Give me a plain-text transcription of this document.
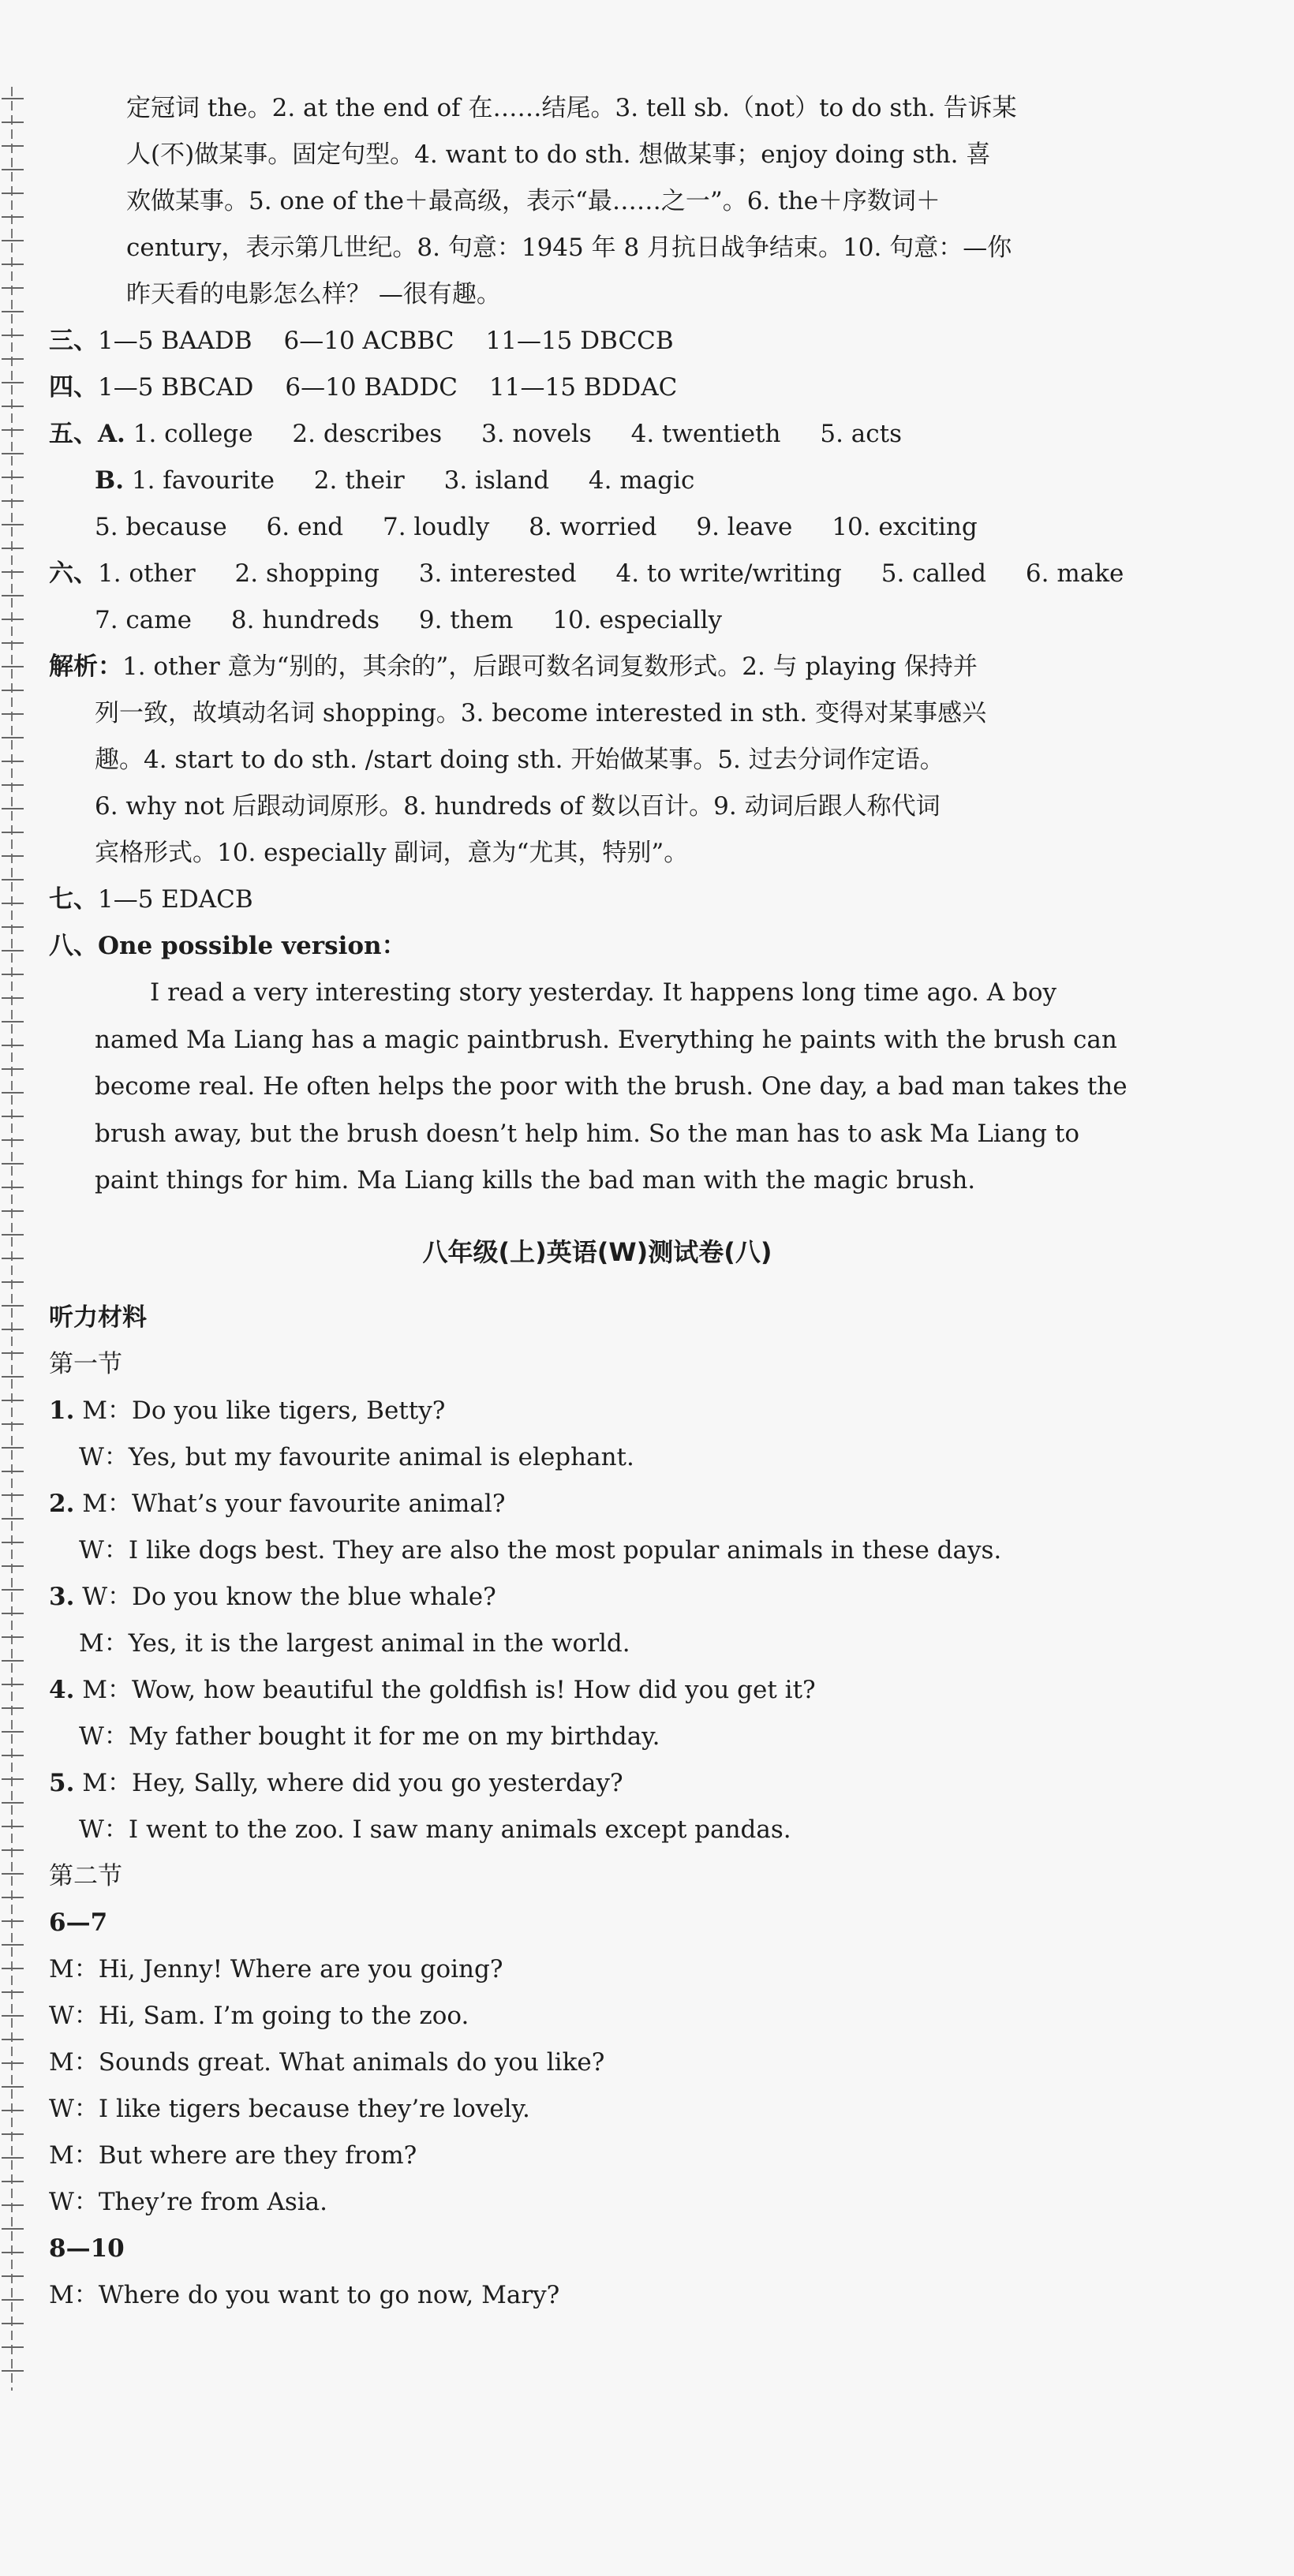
定冠词 the。2. at the end of 在……结尾。3. tell sb.（not）to do sth. 告诉某
人(不)做某事。固定句型。4. want to do sth. 想做某事；enjoy doing sth. 喜
欢做某事。5. one of the＋最高级，表示“最……之一”。6. the＋序数词＋
century，表示第几世纪。8. 句意：1945 年 8 月抗日战争结束。10. 句意：—你
昨天看的电影怎么样？ —很有趣。
三、1—5 BAADB 6—10 ACBBC 11—15 DBCCB
四、1—5 BBCAD 6—10 BADDC 11—15 BDDAC
五、A. 1. college 2. describes 3. novels 4. twentieth 5. acts
B. 1. favourite 2. their 3. island 4. magic
5. because 6. end 7. loudly 8. worried 9. leave 10. exciting
六、1. other 2. shopping 3. interested 4. to write/writing 5. called 6. make
7. came 8. hundreds 9. them 10. especially
解析：1. other 意为“别的，其余的”，后跟可数名词复数形式。2. 与 playing 保持并
列一致，故填动名词 shopping。3. become interested in sth. 变得对某事感兴
趣。4. start to do sth. /start doing sth. 开始做某事。5. 过去分词作定语。
6. why not 后跟动词原形。8. hundreds of 数以百计。9. 动词后跟人称代词
宾格形式。10. especially 副词，意为“尤其，特别”。
七、1—5 EDACB
八、One possible version：
I read a very interesting story yesterday. It happens long time ago. A boy named Ma Liang has a magic paintbrush. Everything he paints with the brush can become real. He often helps the poor with the brush. One day, a bad man takes the brush away, but the brush doesn’t help him. So the man has to ask Ma Liang to paint things for him. Ma Liang kills the bad man with the magic brush.
八年级(上)英语(W)测试卷(八)
听力材料
第一节
1. M：Do you like tigers, Betty?
W：Yes, but my favourite animal is elephant.
2. M：What’s your favourite animal?
W：I like dogs best. They are also the most popular animals in these days.
3. W：Do you know the blue whale?
M：Yes, it is the largest animal in the world.
4. M：Wow, how beautiful the goldfish is! How did you get it?
W：My father bought it for me on my birthday.
5. M：Hey, Sally, where did you go yesterday?
W：I went to the zoo. I saw many animals except pandas.
第二节
6—7
M：Hi, Jenny! Where are you going?
W：Hi, Sam. I’m going to the zoo.
M：Sounds great. What animals do you like?
W：I like tigers because they’re lovely.
M：But where are they from?
W：They’re from Asia.
8—10
M：Where do you want to go now, Mary?
